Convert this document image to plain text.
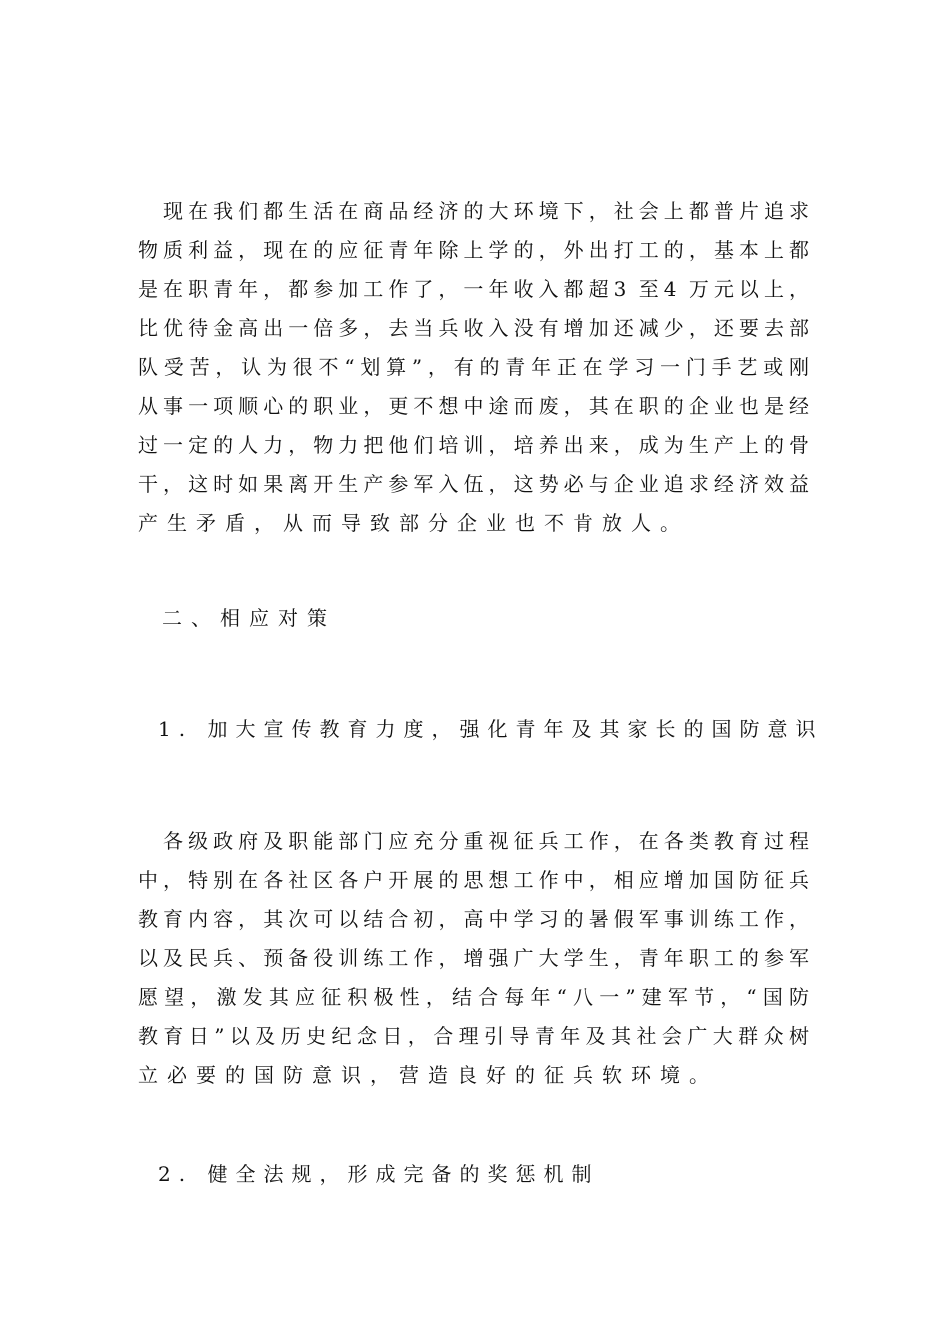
　现在我们都生活在商品经济的大环境下，社会上都普片追求
物质利益，现在的应征青年除上学的，外出打工的，基本上都
是在职青年，都参加工作了，一年收入都超3 至4 万元以上，
比优待金高出一倍多，去当兵收入没有增加还减少，还要去部
队受苦，认为很不“划算”，有的青年正在学习一门手艺或刚
从事一项顺心的职业，更不想中途而废，其在职的企业也是经
过一定的人力，物力把他们培训，培养出来，成为生产上的骨
干，这时如果离开生产参军入伍，这势必与企业追求经济效益
产生矛盾，从而导致部分企业也不肯放人。
二、相应对策
1. 加大宣传教育力度，强化青年及其家长的国防意识
　各级政府及职能部门应充分重视征兵工作，在各类教育过程
中，特别在各社区各户开展的思想工作中，相应增加国防征兵
教育内容，其次可以结合初，高中学习的暑假军事训练工作，
以及民兵、预备役训练工作，增强广大学生，青年职工的参军
愿望，激发其应征积极性，结合每年“八一”建军节，“国防
教育日”以及历史纪念日，合理引导青年及其社会广大群众树
立必要的国防意识，营造良好的征兵软环境。
2. 健全法规，形成完备的奖惩机制
